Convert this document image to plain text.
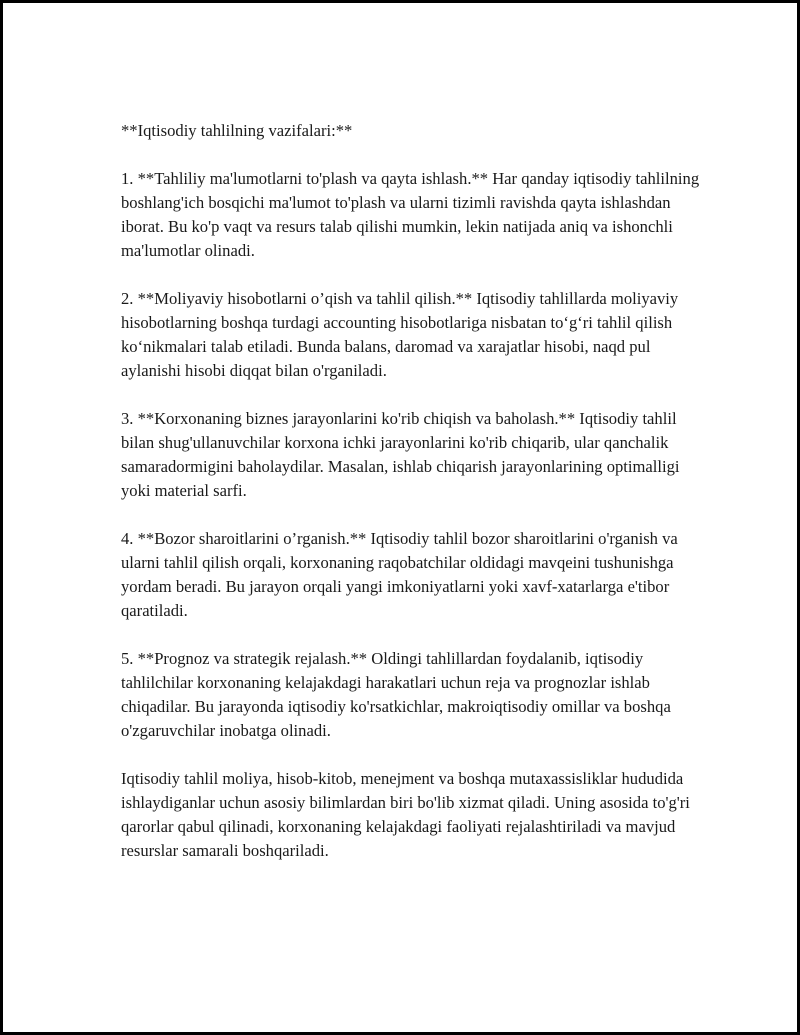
**Iqtisodiy tahlilning vazifalari:**

1. **Tahliliy ma'lumotlarni to'plash va qayta ishlash.** Har qanday iqtisodiy tahlilning boshlang'ich bosqichi ma'lumot to'plash va ularni tizimli ravishda qayta ishlashdan iborat. Bu ko'p vaqt va resurs talab qilishi mumkin, lekin natijada aniq va ishonchli ma'lumotlar olinadi.

2. **Moliyaviy hisobotlarni o’qish va tahlil qilish.** Iqtisodiy tahlillarda moliyaviy hisobotlarning boshqa turdagi accounting hisobotlariga nisbatan to‘g‘ri tahlil qilish ko‘nikmalari talab etiladi. Bunda balans, daromad va xarajatlar hisobi, naqd pul aylanishi hisobi diqqat bilan o'rganiladi.

3. **Korxonaning biznes jarayonlarini ko'rib chiqish va baholash.** Iqtisodiy tahlil bilan shug'ullanuvchilar korxona ichki jarayonlarini ko'rib chiqarib, ular qanchalik samaradormigini baholaydilar. Masalan, ishlab chiqarish jarayonlarining optimalligi yoki material sarfi.

4. **Bozor sharoitlarini o’rganish.** Iqtisodiy tahlil bozor sharoitlarini o'rganish va ularni tahlil qilish orqali, korxonaning raqobatchilar oldidagi mavqeini tushunishga yordam beradi. Bu jarayon orqali yangi imkoniyatlarni yoki xavf-xatarlarga e'tibor qaratiladi.

5. **Prognoz va strategik rejalash.** Oldingi tahlillardan foydalanib, iqtisodiy tahlilchilar korxonaning kelajakdagi harakatlari uchun reja va prognozlar ishlab chiqadilar. Bu jarayonda iqtisodiy ko'rsatkichlar, makroiqtisodiy omillar va boshqa o'zgaruvchilar inobatga olinadi.

Iqtisodiy tahlil moliya, hisob-kitob, menejment va boshqa mutaxassisliklar hududida ishlaydiganlar uchun asosiy bilimlardan biri bo'lib xizmat qiladi. Uning asosida to'g'ri qarorlar qabul qilinadi, korxonaning kelajakdagi faoliyati rejalashtiriladi va mavjud resurslar samarali boshqariladi.
